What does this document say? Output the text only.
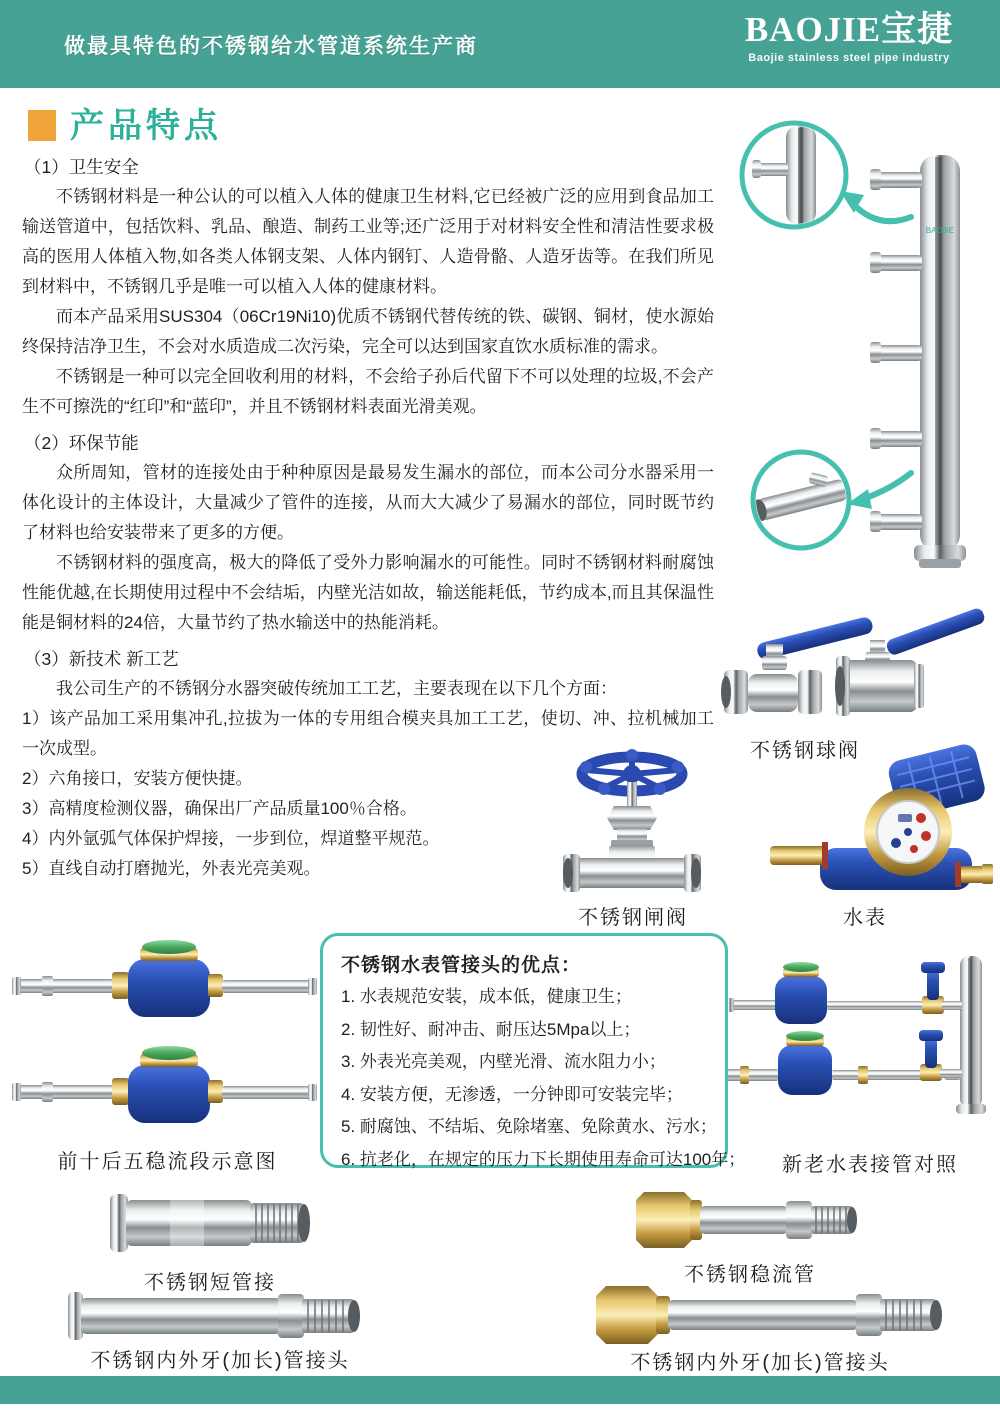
做最具特色的不锈钢给水管道系统生产商	BAOJIE宝捷
Baojie stainless steel pipe industry
产品特点
（1）卫生安全

不锈钢材料是一种公认的可以植入人体的健康卫生材料,它已经被广泛的应用到食品加工输送管道中，包括饮料、乳品、酿造、制药工业等;还广泛用于对材料安全性和清洁性要求极高的医用人体植入物,如各类人体钢支架、人体内钢钉、人造骨骼、人造牙齿等。在我们所见到材料中，不锈钢几乎是唯一可以植入人体的健康材料。

而本产品采用SUS304（06Cr19Ni10)优质不锈钢代替传统的铁、碳钢、铜材，使水源始终保持洁净卫生，不会对水质造成二次污染，完全可以达到国家直饮水质标准的需求。

不锈钢是一种可以完全回收利用的材料，不会给子孙后代留下不可以处理的垃圾,不会产生不可擦洗的“红印”和“蓝印”，并且不锈钢材料表面光滑美观。

（2）环保节能

众所周知，管材的连接处由于种种原因是最易发生漏水的部位，而本公司分水器采用一体化设计的主体设计，大量减少了管件的连接，从而大大减少了易漏水的部位，同时既节约了材料也给安装带来了更多的方便。

不锈钢材料的强度高，极大的降低了受外力影响漏水的可能性。同时不锈钢材料耐腐蚀性能优越,在长期使用过程中不会结垢，内壁光洁如故，输送能耗低，节约成本,而且其保温性能是铜材料的24倍，大量节约了热水输送中的热能消耗。

（3）新技术 新工艺

我公司生产的不锈钢分水器突破传统加工工艺，主要表现在以下几个方面：

1）该产品加工采用集冲孔,拉拔为一体的专用组合模夹具加工工艺，使切、冲、拉机械加工一次成型。

2）六角接口，安装方便快捷。

3）高精度检测仪器，确保出厂产品质量100％合格。

4）内外氩弧气体保护焊接，一步到位，焊道整平规范。

5）直线自动打磨抛光，外表光亮美观。

BAOJIE
不锈钢球阀
不锈钢闸阀	水表
前十后五稳流段示意图	新老水表接管对照
不锈钢短管接	不锈钢稳流管
不锈钢内外牙(加长)管接头	不锈钢内外牙(加长)管接头
不锈钢水表管接头的优点：
1. 水表规范安装，成本低，健康卫生；
2. 韧性好、耐冲击、耐压达5Mpa以上；
3. 外表光亮美观，内壁光滑、流水阻力小；
4. 安装方便，无渗透，一分钟即可安装完毕；
5. 耐腐蚀、不结垢、免除堵塞、免除黄水、污水；
6. 抗老化，在规定的压力下长期使用寿命可达100年；
